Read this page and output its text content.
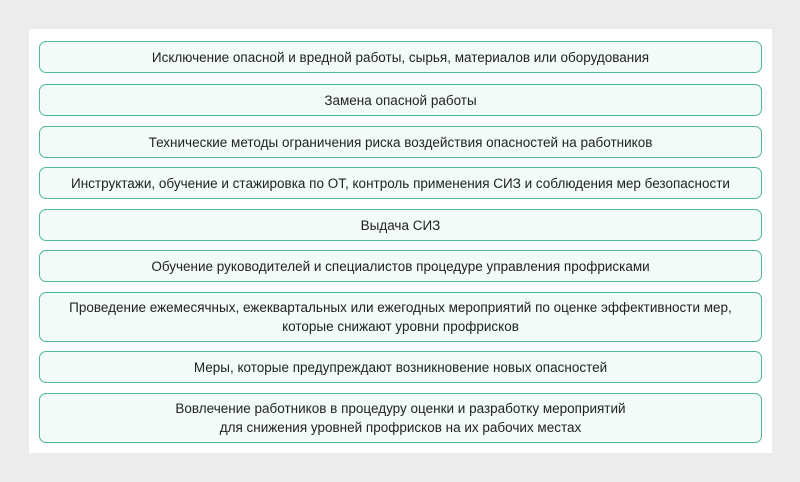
Исключение опасной и вредной работы, сырья, материалов или оборудования
Замена опасной работы
Технические методы ограничения риска воздействия опасностей на работников
Инструктажи, обучение и стажировка по ОТ, контроль применения СИЗ и соблюдения мер безопасности
Выдача СИЗ
Обучение руководителей и специалистов процедуре управления профрисками
Проведение ежемесячных, ежеквартальных или ежегодных мероприятий по оценке эффективности мер,
которые снижают уровни профрисков
Меры, которые предупреждают возникновение новых опасностей
Вовлечение работников в процедуру оценки и разработку мероприятий
для снижения уровней профрисков на их рабочих местах
